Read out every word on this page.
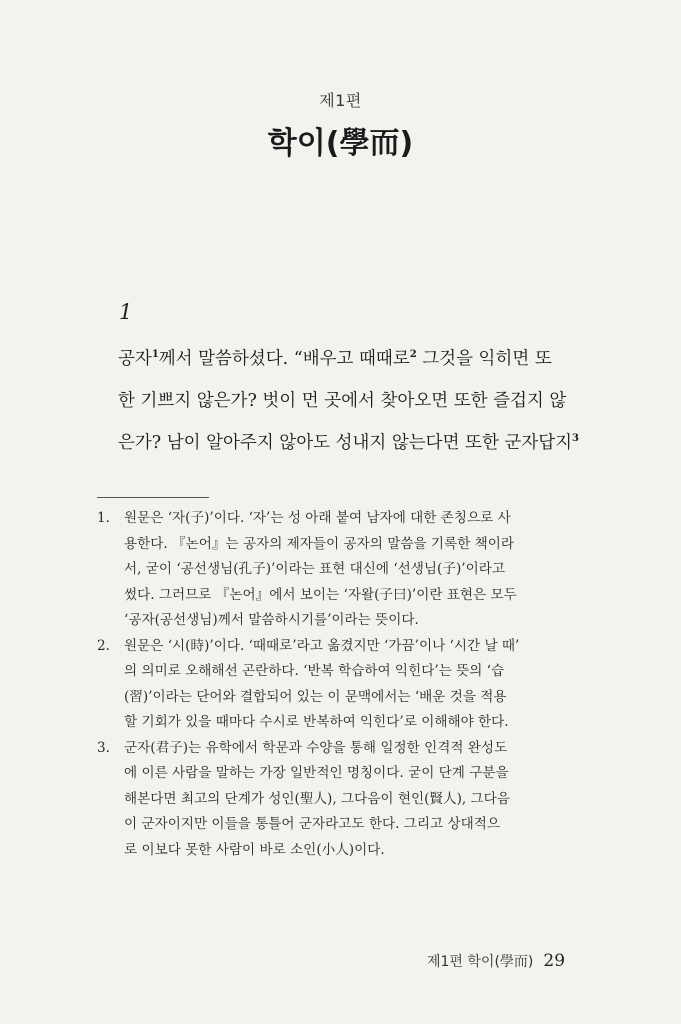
제1편
학이(學而)
1
공자$^1$께서 말씀하셨다. “배우고 때때로$^2$ 그것을 익히면 또
한 기쁘지 않은가? 벗이 먼 곳에서 찾아오면 또한 즐겁지 않
은가? 남이 알아주지 않아도 성내지 않는다면 또한 군자답지$^3$
1. 원문은 ‘자(子)’이다. ‘자’는 성 아래 붙여 남자에 대한 존칭으로 사
용한다. 『논어』는 공자의 제자들이 공자의 말씀을 기록한 책이라
서, 굳이 ‘공선생님(孔子)’이라는 표현 대신에 ‘선생님(子)’이라고
썼다. 그러므로 『논어』에서 보이는 ‘자왈(子曰)’이란 표현은 모두
‘공자(공선생님)께서 말씀하시기를’이라는 뜻이다.
2. 원문은 ‘시(時)’이다. ‘때때로’라고 옮겼지만 ‘가끔’이나 ‘시간 날 때’
의 의미로 오해해선 곤란하다. ‘반복 학습하여 익힌다’는 뜻의 ‘습
(習)’이라는 단어와 결합되어 있는 이 문맥에서는 ‘배운 것을 적용
할 기회가 있을 때마다 수시로 반복하여 익힌다’로 이해해야 한다.
3. 군자(君子)는 유학에서 학문과 수양을 통해 일정한 인격적 완성도
에 이른 사람을 말하는 가장 일반적인 명칭이다. 굳이 단계 구분을
해본다면 최고의 단계가 성인(聖人), 그다음이 현인(賢人), 그다음
이 군자이지만 이들을 통틀어 군자라고도 한다. 그리고 상대적으
로 이보다 못한 사람이 바로 소인(小人)이다.
제1편 학이(學而) 29
